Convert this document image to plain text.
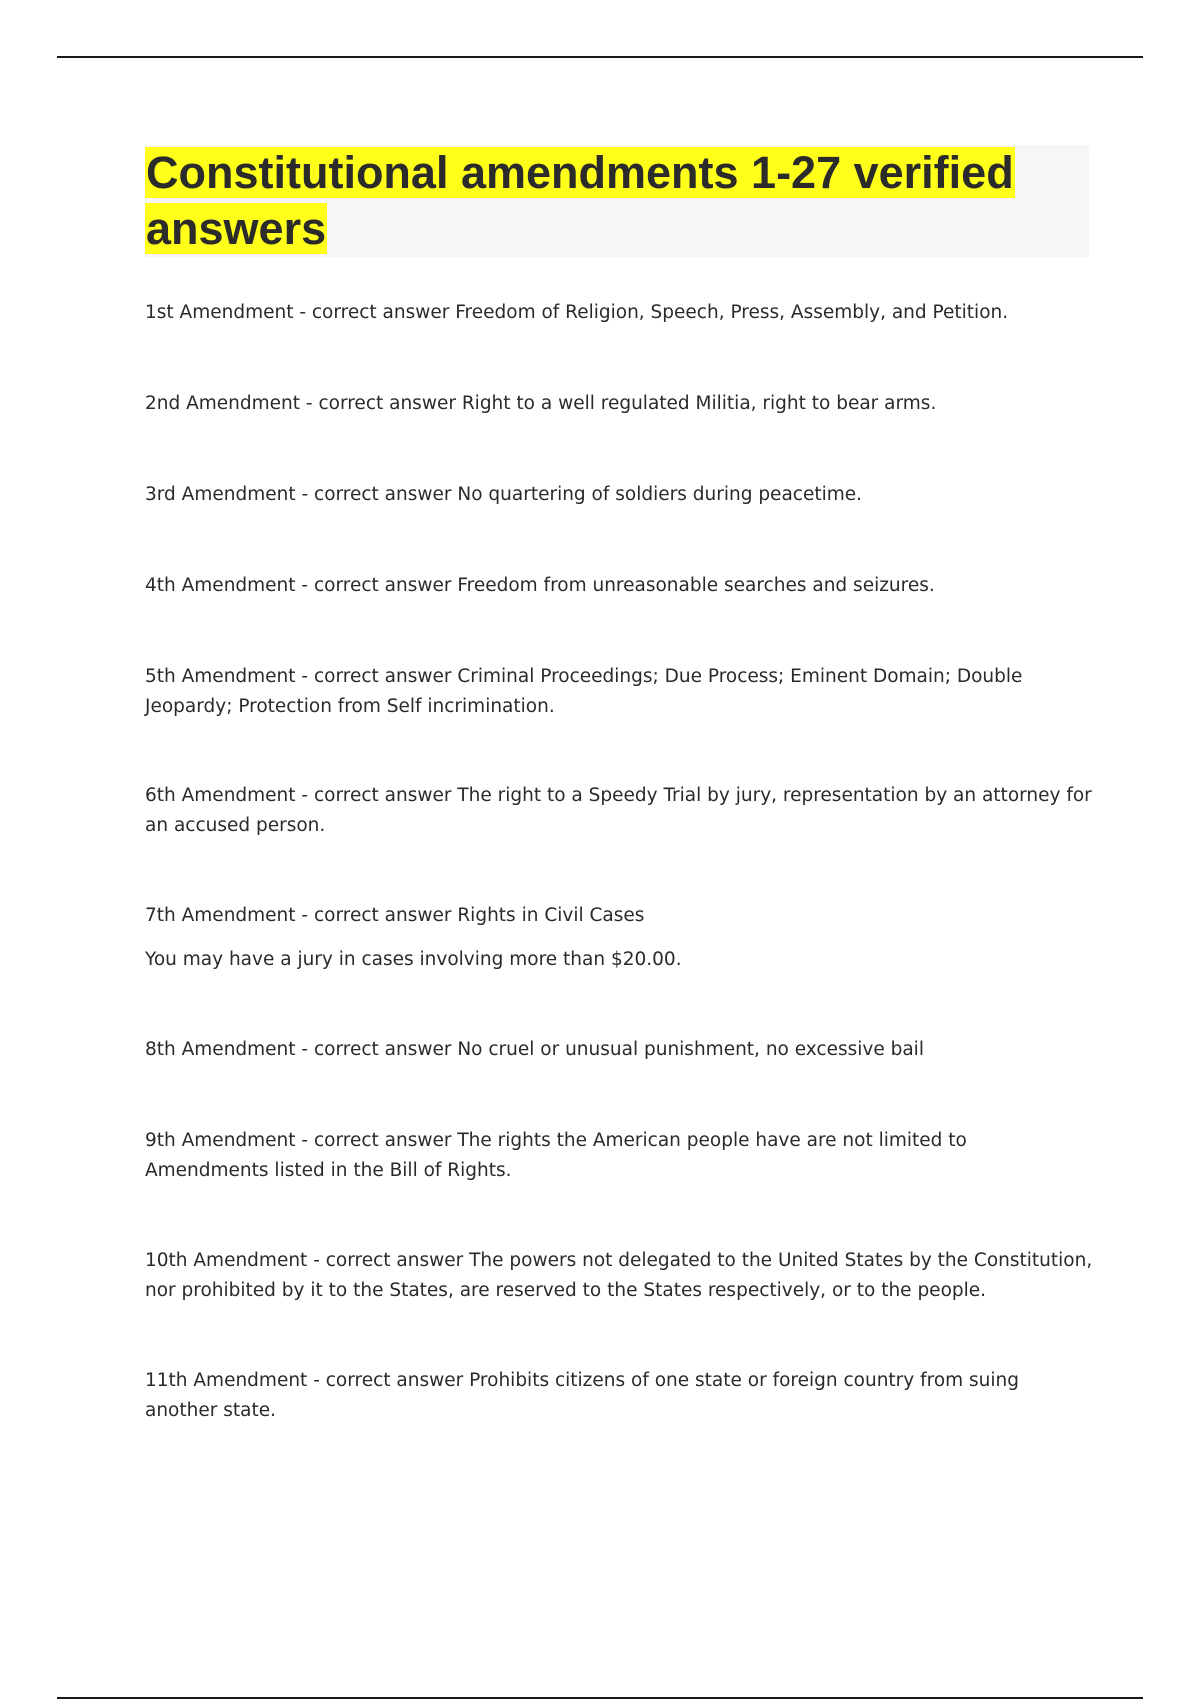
Constitutional amendments 1-27 verified answers

1st Amendment - correct answer Freedom of Religion, Speech, Press, Assembly, and Petition.

2nd Amendment - correct answer Right to a well regulated Militia, right to bear arms.

3rd Amendment - correct answer No quartering of soldiers during peacetime.

4th Amendment - correct answer Freedom from unreasonable searches and seizures.

5th Amendment - correct answer Criminal Proceedings; Due Process; Eminent Domain; Double Jeopardy; Protection from Self incrimination.

6th Amendment - correct answer The right to a Speedy Trial by jury, representation by an attorney for an accused person.

7th Amendment - correct answer Rights in Civil Cases

You may have a jury in cases involving more than $20.00.

8th Amendment - correct answer No cruel or unusual punishment, no excessive bail

9th Amendment - correct answer The rights the American people have are not limited to Amendments listed in the Bill of Rights.

10th Amendment - correct answer The powers not delegated to the United States by the Constitution, nor prohibited by it to the States, are reserved to the States respectively, or to the people.

11th Amendment - correct answer Prohibits citizens of one state or foreign country from suing another state.
